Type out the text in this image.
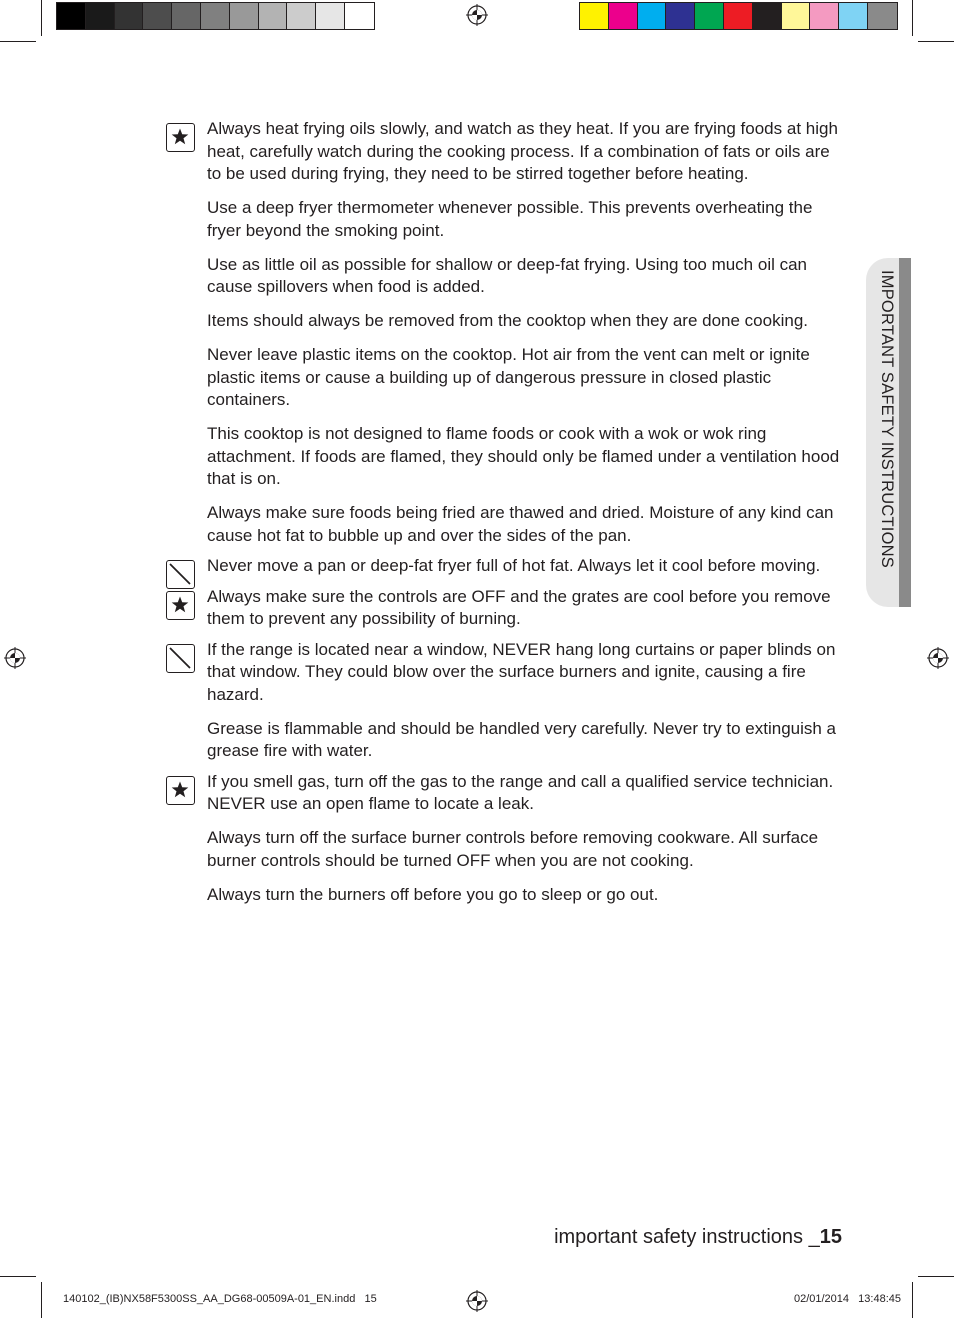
IMPORTANT SAFETY INSTRUCTIONS

Always heat frying oils slowly, and watch as they heat. If you are frying foods at high heat, carefully watch during the cooking process. If a combination of fats or oils are to be used during frying, they need to be stirred together before heating.

Use a deep fryer thermometer whenever possible. This prevents overheating the fryer beyond the smoking point.

Use as little oil as possible for shallow or deep-fat frying. Using too much oil can cause spillovers when food is added.

Items should always be removed from the cooktop when they are done cooking.

Never leave plastic items on the cooktop. Hot air from the vent can melt or ignite plastic items or cause a building up of dangerous pressure in closed plastic containers.

This cooktop is not designed to flame foods or cook with a wok or wok ring attachment. If foods are flamed, they should only be flamed under a ventilation hood that is on.

Always make sure foods being fried are thawed and dried. Moisture of any kind can cause hot fat to bubble up and over the sides of the pan.

Never move a pan or deep-fat fryer full of hot fat. Always let it cool before moving.

Always make sure the controls are OFF and the grates are cool before you remove them to prevent any possibility of burning.

If the range is located near a window, NEVER hang long curtains or paper blinds on that window. They could blow over the surface burners and ignite, causing a fire hazard.

Grease is flammable and should be handled very carefully. Never try to extinguish a grease fire with water.

If you smell gas, turn off the gas to the range and call a qualified service technician. NEVER use an open flame to locate a leak.

Always turn off the surface burner controls before removing cookware. All surface burner controls should be turned OFF when you are not cooking.

Always turn the burners off before you go to sleep or go out.

important safety instructions _15
140102_(IB)NX58F5300SS_AA_DG68-00509A-01_EN.indd   15	02/01/2014   13:48:45
